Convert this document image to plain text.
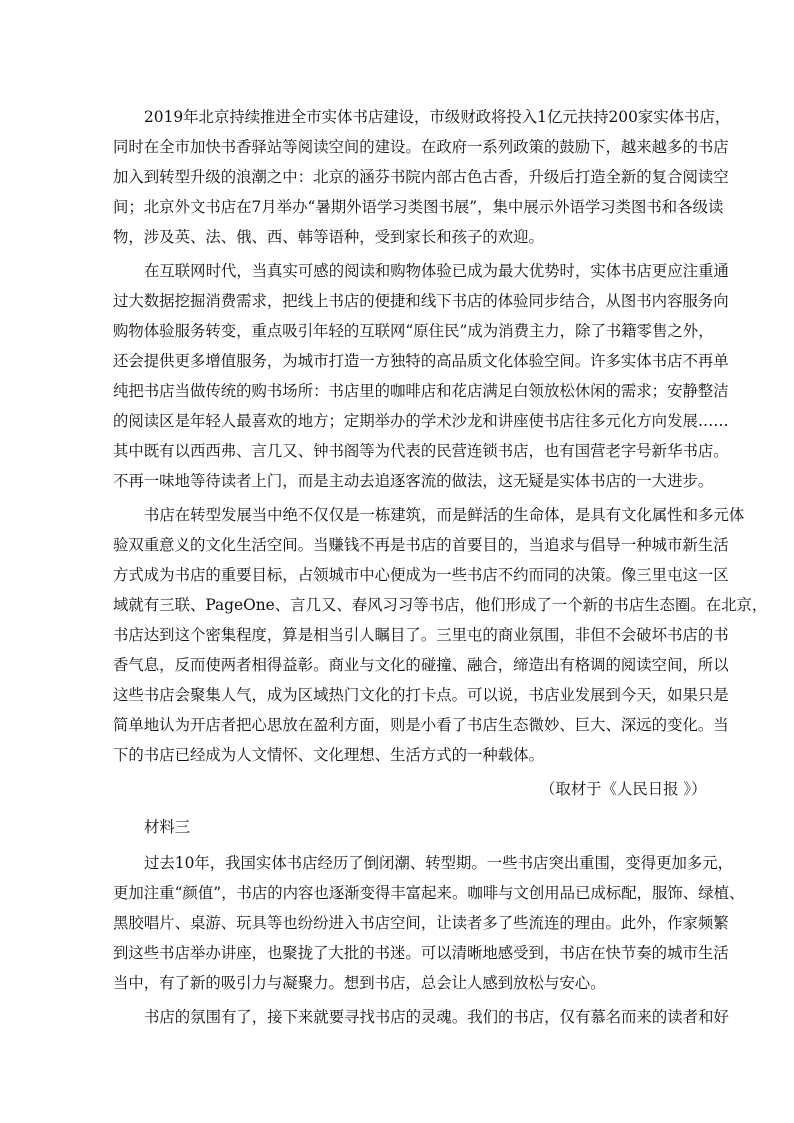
2019年北京持续推进全市实体书店建设，市级财政将投入1亿元扶持200家实体书店，
同时在全市加快书香驿站等阅读空间的建设。在政府一系列政策的鼓励下，越来越多的书店
加入到转型升级的浪潮之中：北京的涵芬书院内部古色古香，升级后打造全新的复合阅读空
间；北京外文书店在7月举办“暑期外语学习类图书展”，集中展示外语学习类图书和各级读
物，涉及英、法、俄、西、韩等语种，受到家长和孩子的欢迎。
在互联网时代，当真实可感的阅读和购物体验已成为最大优势时，实体书店更应注重通
过大数据挖掘消费需求，把线上书店的便捷和线下书店的体验同步结合，从图书内容服务向
购物体验服务转变，重点吸引年轻的互联网“原住民”成为消费主力，除了书籍零售之外，
还会提供更多增值服务，为城市打造一方独特的高品质文化体验空间。许多实体书店不再单
纯把书店当做传统的购书场所：书店里的咖啡店和花店满足白领放松休闲的需求；安静整洁
的阅读区是年轻人最喜欢的地方；定期举办的学术沙龙和讲座使书店往多元化方向发展……
其中既有以西西弗、言几又、钟书阁等为代表的民营连锁书店，也有国营老字号新华书店。
不再一味地等待读者上门，而是主动去追逐客流的做法，这无疑是实体书店的一大进步。
书店在转型发展当中绝不仅仅是一栋建筑，而是鲜活的生命体，是具有文化属性和多元体
验双重意义的文化生活空间。当赚钱不再是书店的首要目的，当追求与倡导一种城市新生活
方式成为书店的重要目标，占领城市中心便成为一些书店不约而同的决策。像三里屯这一区
域就有三联、PageOne、言几又、春风习习等书店，他们形成了一个新的书店生态圈。在北京，
书店达到这个密集程度，算是相当引人瞩目了。三里屯的商业氛围，非但不会破坏书店的书
香气息，反而使两者相得益彰。商业与文化的碰撞、融合，缔造出有格调的阅读空间，所以
这些书店会聚集人气，成为区域热门文化的打卡点。可以说，书店业发展到今天，如果只是
简单地认为开店者把心思放在盈利方面，则是小看了书店生态微妙、巨大、深远的变化。当
下的书店已经成为人文情怀、文化理想、生活方式的一种载体。
（取材于《人民日报 》）
材料三
过去10年，我国实体书店经历了倒闭潮、转型期。一些书店突出重围，变得更加多元，
更加注重“颜值”，书店的内容也逐渐变得丰富起来。咖啡与文创用品已成标配，服饰、绿植、
黑胶唱片、桌游、玩具等也纷纷进入书店空间，让读者多了些流连的理由。此外，作家频繁
到这些书店举办讲座，也聚拢了大批的书迷。可以清晰地感受到，书店在快节奏的城市生活
当中，有了新的吸引力与凝聚力。想到书店，总会让人感到放松与安心。
书店的氛围有了，接下来就要寻找书店的灵魂。我们的书店，仅有慕名而来的读者和好
